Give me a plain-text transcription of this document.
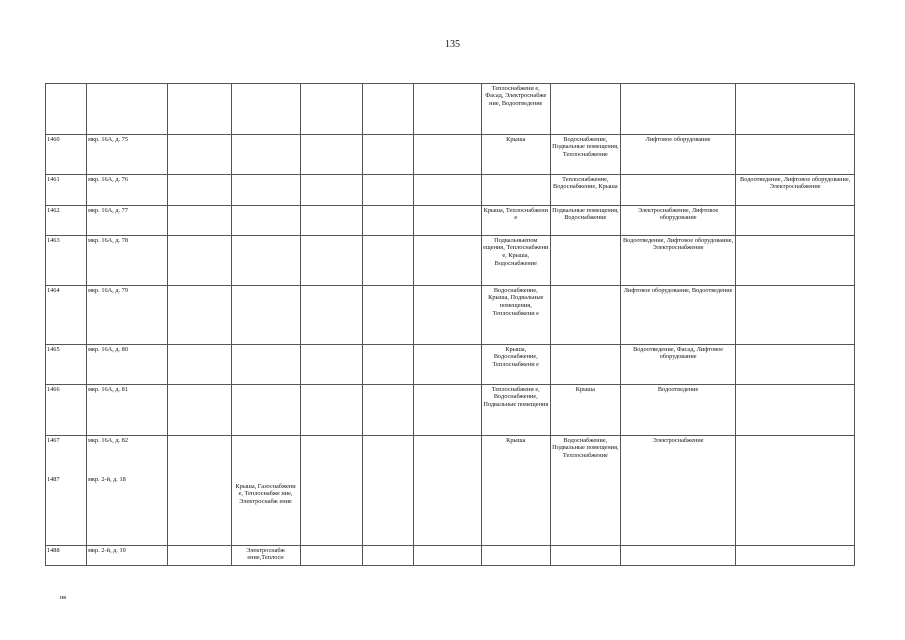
135
							Теплоснабжени е, Фасад, Электроснабже ние, Водоотведение			
1460	мкр. 16А, д. 75						Крыша	Водоснабжение, Подвальные помещения, Теплоснабжение	Лифтовое оборудование	
1461	мкр. 16А, д. 76							Теплоснабжение, Водоснабжение, Крыша		Водоотведение, Лифтовое оборудование, Электроснабжение
1462	мкр. 16А, д. 77						Крыша, Теплоснабжени е	Подвальные помещения, Водоснабжение	Электроснабжение, Лифтовое оборудование	
1463	мкр. 16А, д. 78						Подвальныепом ещения, Теплоснабжени е, Крыша, Водоснабжение		Водоотведение, Лифтовое оборудование, Электроснабжение	
1464	мкр. 16А, д. 79						Водоснабжение, Крыша, Подвальные помещения, Теплоснабжени е		Лифтовое оборудование, Водоотведение	
1465	мкр. 16А, д. 80						Крыша, Водоснабжение, Теплоснабжени е		Водоотведение, Фасад, Лифтовое оборудование	
1466	мкр. 16А, д. 81						Теплоснабжени е, Водоснабжение, Подвальные помещения	Крыша	Водоотведение	
1467	мкр. 16А, д. 82						Крыша	Водоснабжение, Подвальные помещения, Теплоснабжение	Электроснабжение	
1487	мкр. 2-й, д. 18		Крыша, Газоснабжени е, Теплоснабже ние, Электроснабж ение							
1488	мкр. 2-й, д. 19		Электроснабж ение,Теплосн							
нв
